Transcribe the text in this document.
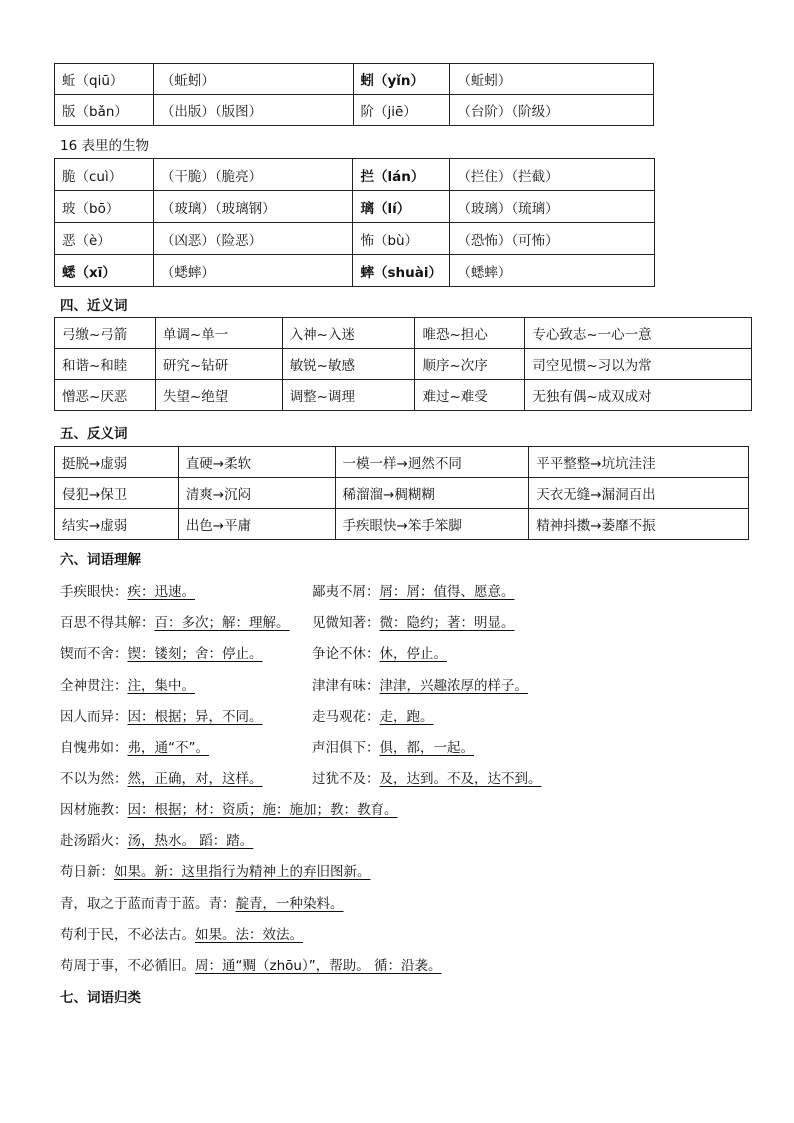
蚯（qiū）	（蚯蚓）	蚓（yǐn）	（蚯蚓）
版（bǎn）	（出版）（版图）	阶（jiē）	（台阶）（阶级）
16 表里的生物
脆（cuì）	（干脆）（脆亮）	拦（lán）	（拦住）（拦截）
玻（bō）	（玻璃）（玻璃钢）	璃（lí）	（玻璃）（琉璃）
恶（è）	（凶恶）（险恶）	怖（bù）	（恐怖）（可怖）
蟋（xī）	（蟋蟀）	蟀（shuài）	（蟋蟀）
四、近义词
弓缴~弓箭	单调~单一	入神~入迷	唯恐~担心	专心致志~一心一意
和谐~和睦	研究~钻研	敏锐~敏感	顺序~次序	司空见惯~习以为常
憎恶~厌恶	失望~绝望	调整~调理	难过~难受	无独有偶~成双成对
五、反义词
挺脱→虚弱	直硬→柔软	一模一样→迥然不同	平平整整→坑坑洼洼
侵犯→保卫	清爽→沉闷	稀溜溜→稠糊糊	天衣无缝→漏洞百出
结实→虚弱	出色→平庸	手疾眼快→笨手笨脚	精神抖擞→萎靡不振
六、词语理解
手疾眼快：疾：迅速。	鄙夷不屑：屑：屑：值得、愿意。
百思不得其解：百：多次；解：理解。 见微知著：微：隐约；著：明显。
锲而不舍：锲：镂刻；舍：停止。	争论不休：休，停止。
全神贯注：注，集中。	津津有味：津津，兴趣浓厚的样子。
因人而异：因：根据；异，不同。	走马观花：走，跑。
自愧弗如：弗，通“不”。	声泪俱下：俱，都，一起。
不以为然：然，正确，对，这样。	过犹不及：及，达到。不及，达不到。
因材施教：因：根据；材：资质；施：施加；教：教育。
赴汤蹈火：汤，热水。 蹈：踏。
苟日新：如果。新：这里指行为精神上的弃旧图新。
青，取之于蓝而青于蓝。青：靛青，一种染料。
苟利于民，不必法古。如果。法：效法。
苟周于事，不必循旧。周：通“赒（zhōu）”，帮助。 循：沿袭。
七、词语归类
